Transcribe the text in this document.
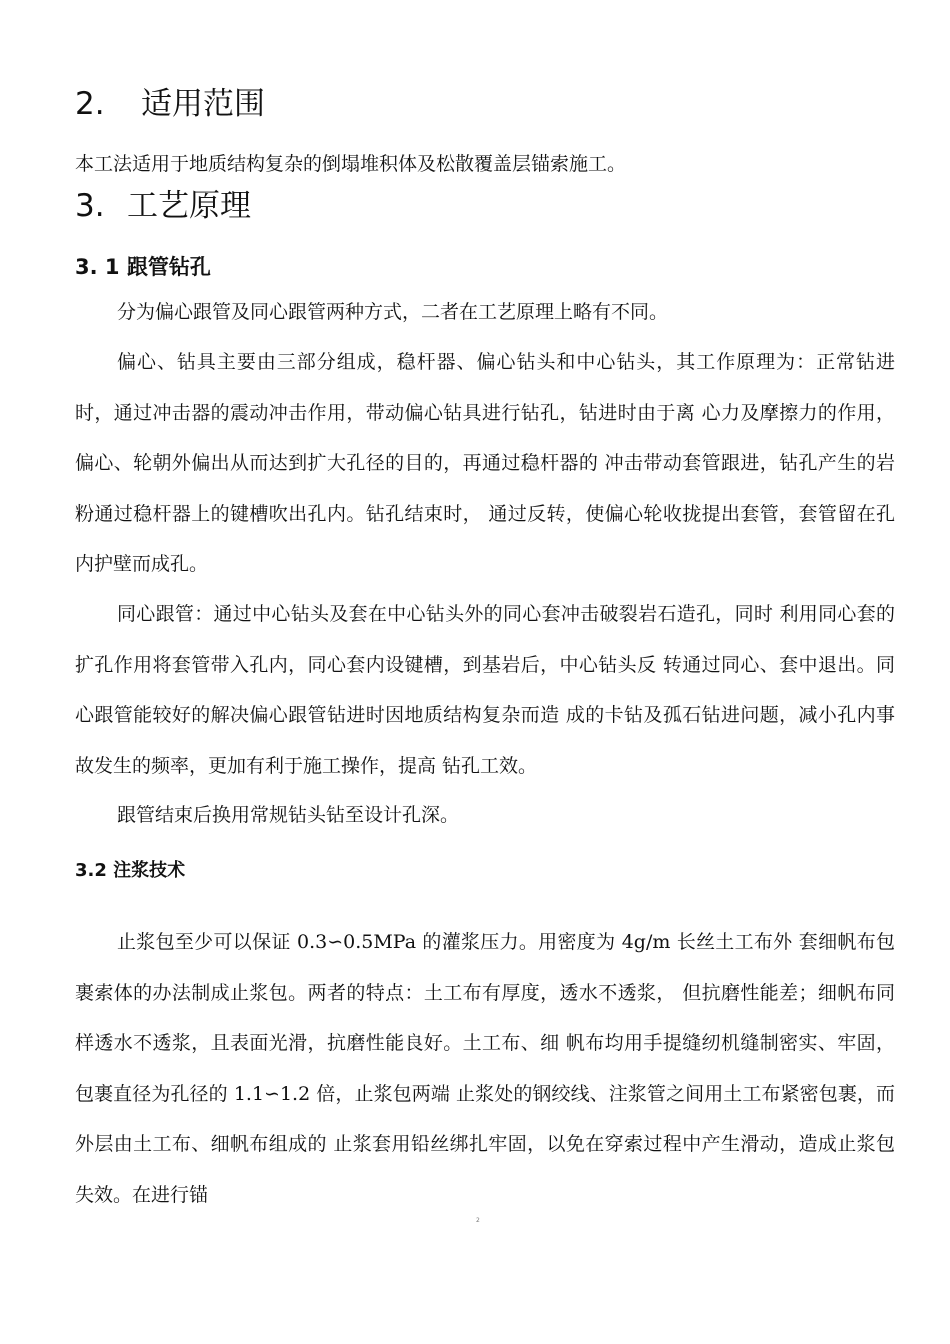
2. 适用范围

本工法适用于地质结构复杂的倒塌堆积体及松散覆盖层锚索施工。

3. 工艺原理
3. 1 跟管钻孔

分为偏心跟管及同心跟管两种方式，二者在工艺原理上略有不同。

偏心、钻具主要由三部分组成，稳杆器、偏心钻头和中心钻头，其工作原理为：正常钻进时，通过冲击器的震动冲击作用，带动偏心钻具进行钻孔，钻进时由于离 心力及摩擦力的作用，偏心、轮朝外偏出从而达到扩大孔径的目的，再通过稳杆器的 冲击带动套管跟进，钻孔产生的岩粉通过稳杆器上的键槽吹出孔内。钻孔结束时， 通过反转，使偏心轮收拢提出套管，套管留在孔内护壁而成孔。

同心跟管：通过中心钻头及套在中心钻头外的同心套冲击破裂岩石造孔，同时 利用同心套的扩孔作用将套管带入孔内，同心套内设键槽，到基岩后，中心钻头反 转通过同心、套中退出。同心跟管能较好的解决偏心跟管钻进时因地质结构复杂而造 成的卡钻及孤石钻进问题，减小孔内事故发生的频率，更加有利于施工操作，提高 钻孔工效。

跟管结束后换用常规钻头钻至设计孔深。

3.2 注浆技术

止浆包至少可以保证 0.3∽0.5MPa 的灌浆压力。用密度为 4g/m 长丝土工布外 套细帆布包裹索体的办法制成止浆包。两者的特点：土工布有厚度，透水不透浆， 但抗磨性能差；细帆布同样透水不透浆，且表面光滑，抗磨性能良好。土工布、细 帆布均用手提缝纫机缝制密实、牢固，包裹直径为孔径的 1.1∽1.2 倍，止浆包两端 止浆处的钢绞线、注浆管之间用土工布紧密包裹，而外层由土工布、细帆布组成的 止浆套用铅丝绑扎牢固，以免在穿索过程中产生滑动，造成止浆包失效。在进行锚

2
